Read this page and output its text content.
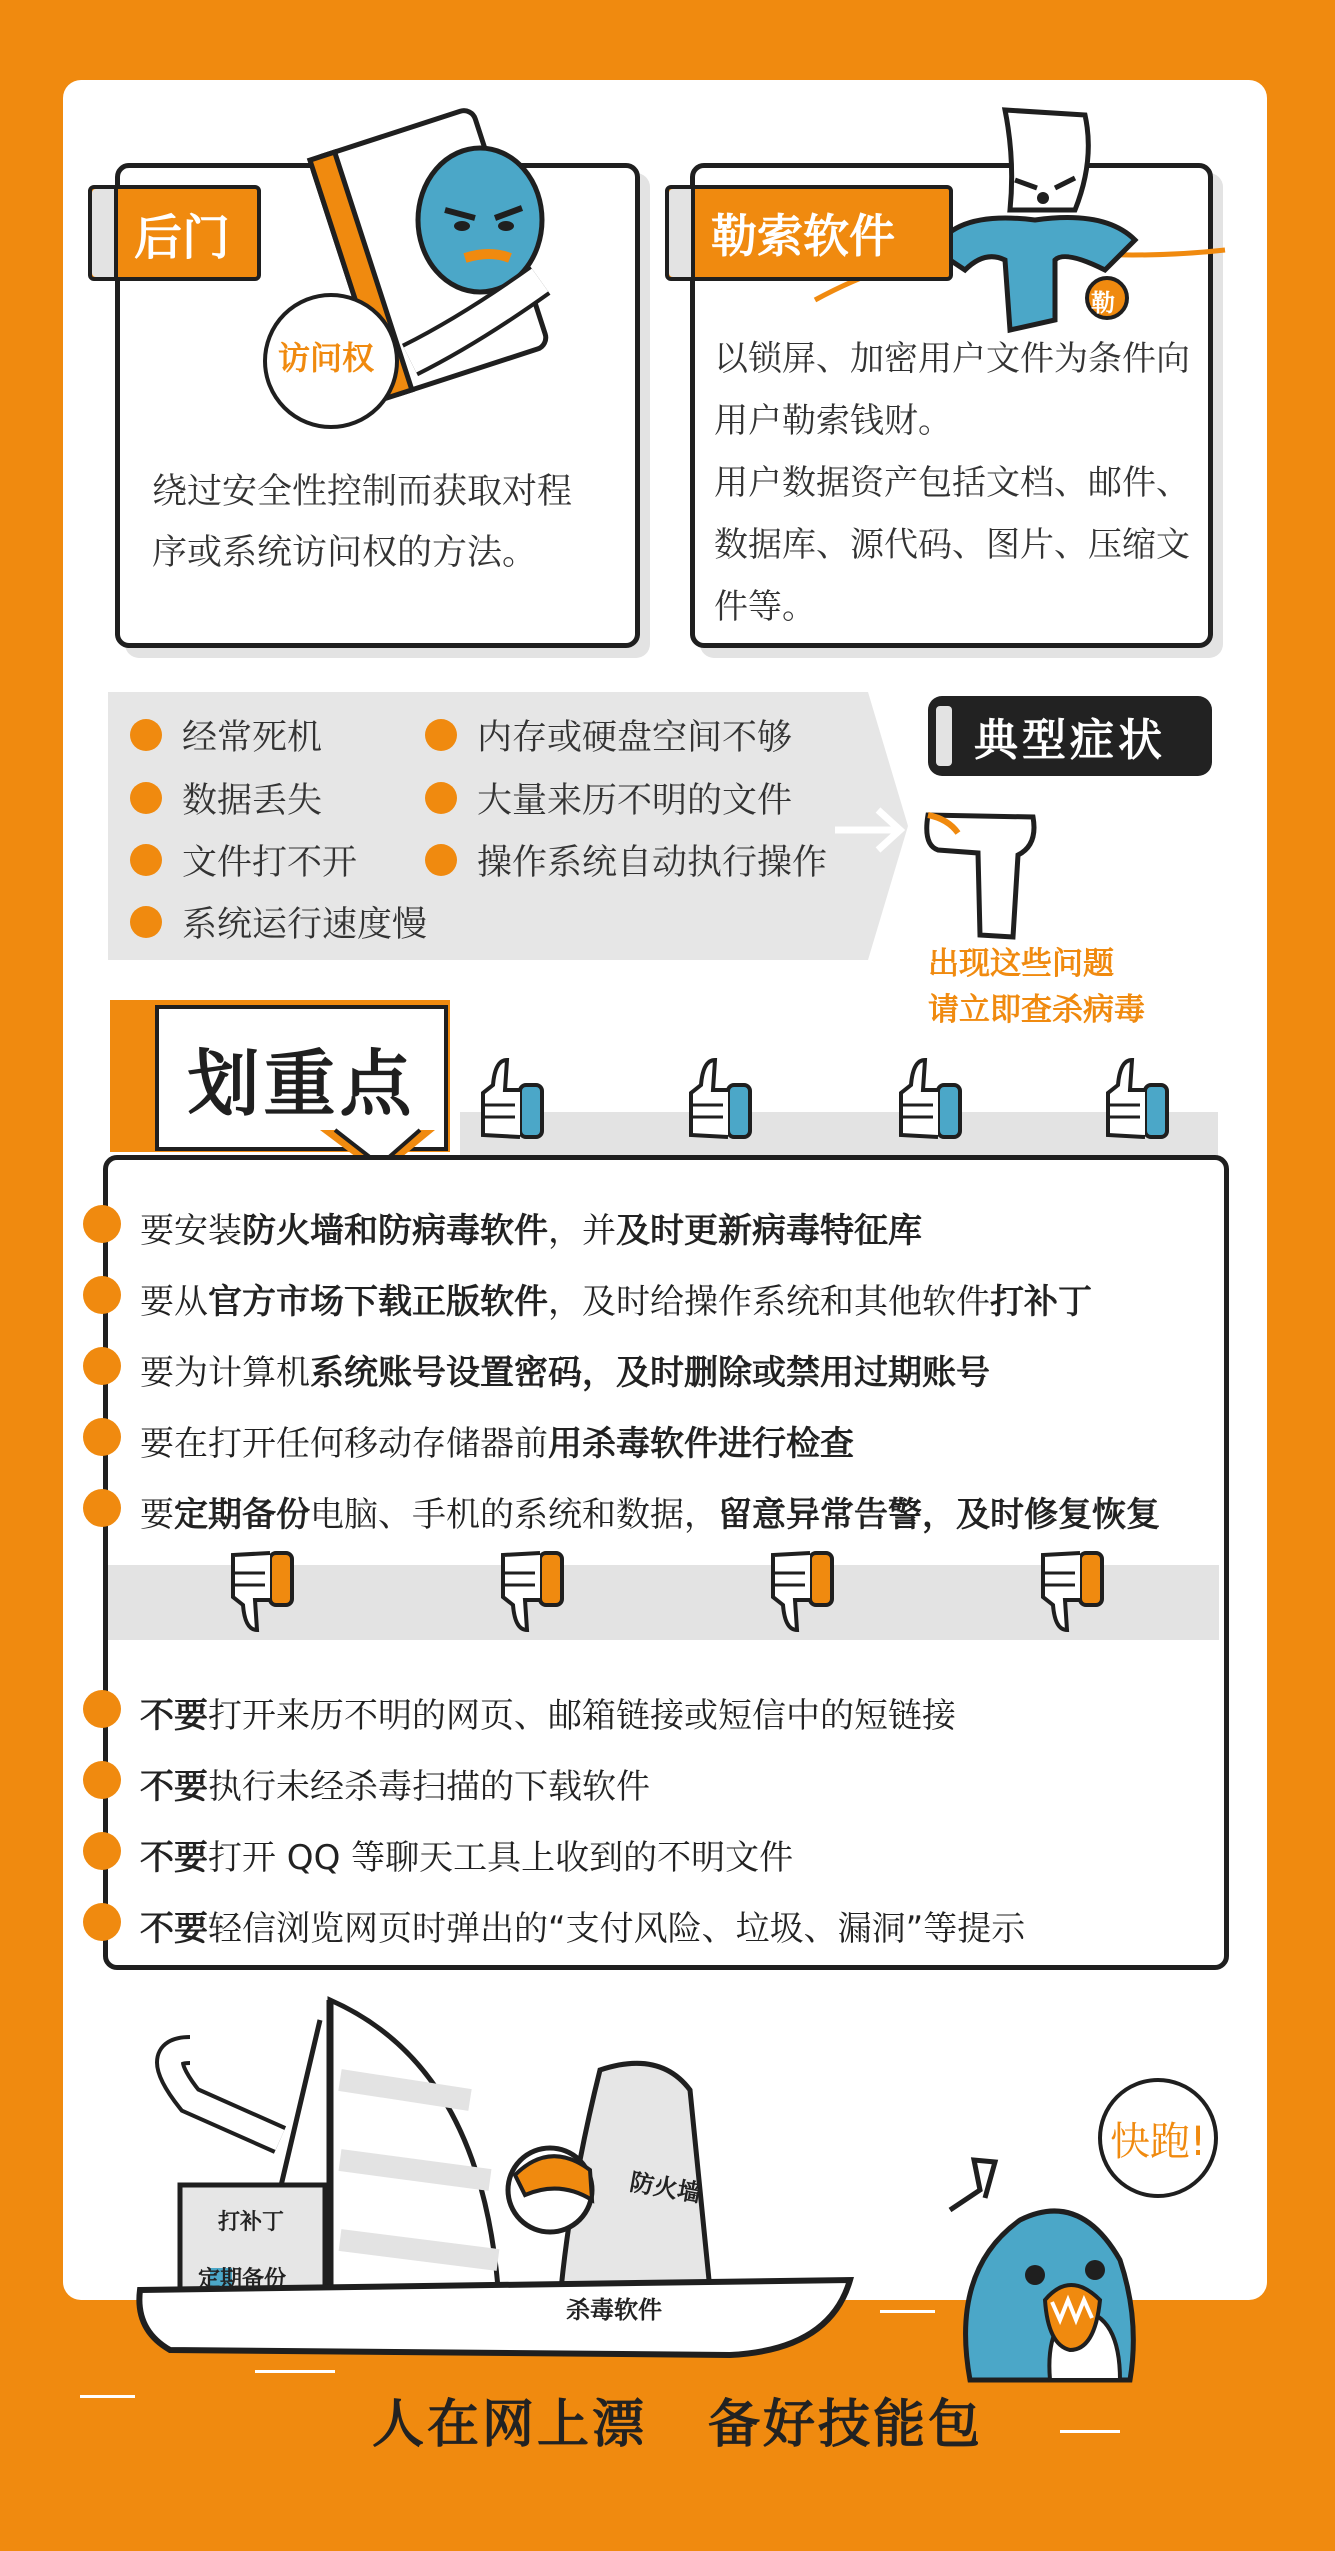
访问权
后门
绕过安全性控制而获取对程
序或系统访问权的方法。
勒
勒索软件
以锁屏、加密用户文件为条件向
用户勒索钱财。
用户数据资产包括文档、邮件、
数据库、源代码、图片、压缩文
件等。
经常死机
数据丢失
文件打不开
系统运行速度慢
内存或硬盘空间不够
大量来历不明的文件
操作系统自动执行操作
典型症状
出现这些问题
请立即查杀病毒
划重点
要安装防火墙和防病毒软件，并及时更新病毒特征库
要从官方市场下载正版软件，及时给操作系统和其他软件打补丁
要为计算机系统账号设置密码，及时删除或禁用过期账号
要在打开任何移动存储器前用杀毒软件进行检查
要定期备份电脑、手机的系统和数据，留意异常告警，及时修复恢复
不要打开来历不明的网页、邮箱链接或短信中的短链接
不要执行未经杀毒扫描的下载软件
不要打开 QQ 等聊天工具上收到的不明文件
不要轻信浏览网页时弹出的“支付风险、垃圾、漏洞”等提示
打补丁
定期备份
防火墙
杀毒软件
快跑!
人在网上漂 备好技能包
